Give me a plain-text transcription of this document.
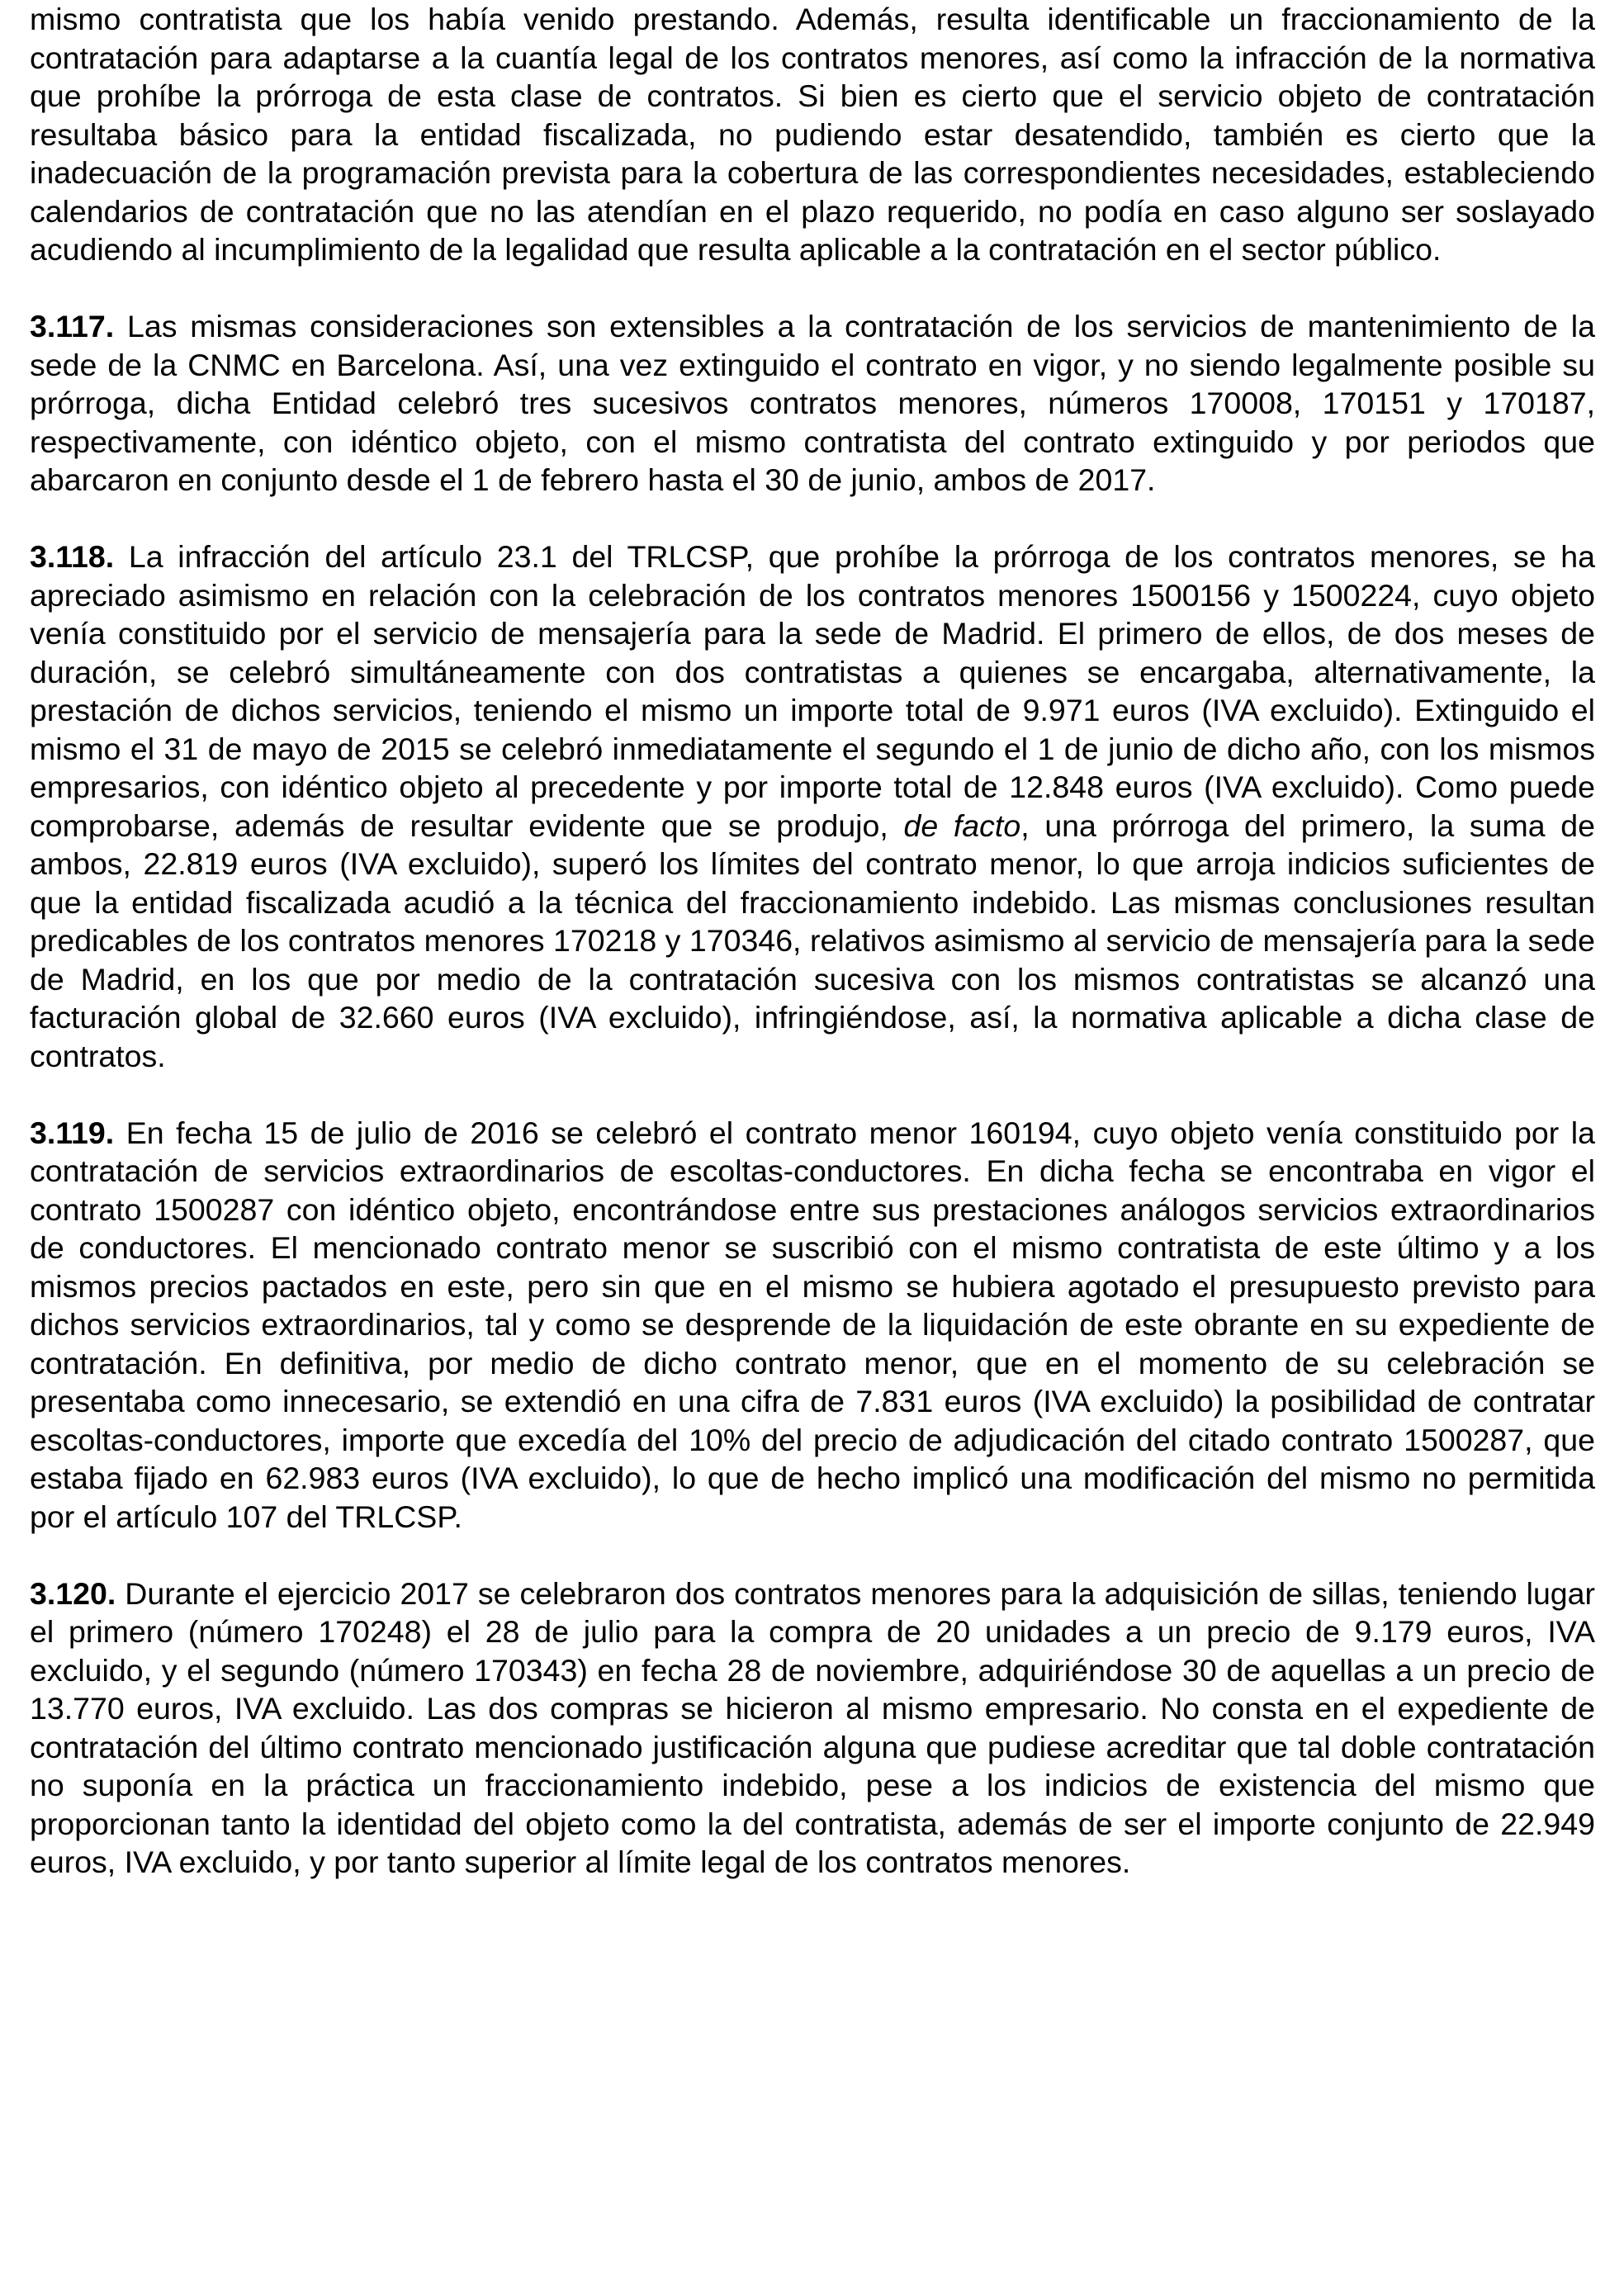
mismo contratista que los había venido prestando. Además, resulta identificable un fraccionamiento de la contratación para adaptarse a la cuantía legal de los contratos menores, así como la infracción de la normativa que prohíbe la prórroga de esta clase de contratos. Si bien es cierto que el servicio objeto de contratación resultaba básico para la entidad fiscalizada, no pudiendo estar desatendido, también es cierto que la inadecuación de la programación prevista para la cobertura de las correspondientes necesidades, estableciendo calendarios de contratación que no las atendían en el plazo requerido, no podía en caso alguno ser soslayado acudiendo al incumplimiento de la legalidad que resulta aplicable a la contratación en el sector público.

3.117. Las mismas consideraciones son extensibles a la contratación de los servicios de mantenimiento de la sede de la CNMC en Barcelona. Así, una vez extinguido el contrato en vigor, y no siendo legalmente posible su prórroga, dicha Entidad celebró tres sucesivos contratos menores, números 170008, 170151 y 170187, respectivamente, con idéntico objeto, con el mismo contratista del contrato extinguido y por periodos que abarcaron en conjunto desde el 1 de febrero hasta el 30 de junio, ambos de 2017.

3.118. La infracción del artículo 23.1 del TRLCSP, que prohíbe la prórroga de los contratos menores, se ha apreciado asimismo en relación con la celebración de los contratos menores 1500156 y 1500224, cuyo objeto venía constituido por el servicio de mensajería para la sede de Madrid. El primero de ellos, de dos meses de duración, se celebró simultáneamente con dos contratistas a quienes se encargaba, alternativamente, la prestación de dichos servicios, teniendo el mismo un importe total de 9.971 euros (IVA excluido). Extinguido el mismo el 31 de mayo de 2015 se celebró inmediatamente el segundo el 1 de junio de dicho año, con los mismos empresarios, con idéntico objeto al precedente y por importe total de 12.848 euros (IVA excluido). Como puede comprobarse, además de resultar evidente que se produjo, de facto, una prórroga del primero, la suma de ambos, 22.819 euros (IVA excluido), superó los límites del contrato menor, lo que arroja indicios suficientes de que la entidad fiscalizada acudió a la técnica del fraccionamiento indebido. Las mismas conclusiones resultan predicables de los contratos menores 170218 y 170346, relativos asimismo al servicio de mensajería para la sede de Madrid, en los que por medio de la contratación sucesiva con los mismos contratistas se alcanzó una facturación global de 32.660 euros (IVA excluido), infringiéndose, así, la normativa aplicable a dicha clase de contratos.

3.119. En fecha 15 de julio de 2016 se celebró el contrato menor 160194, cuyo objeto venía constituido por la contratación de servicios extraordinarios de escoltas-conductores. En dicha fecha se encontraba en vigor el contrato 1500287 con idéntico objeto, encontrándose entre sus prestaciones análogos servicios extraordinarios de conductores. El mencionado contrato menor se suscribió con el mismo contratista de este último y a los mismos precios pactados en este, pero sin que en el mismo se hubiera agotado el presupuesto previsto para dichos servicios extraordinarios, tal y como se desprende de la liquidación de este obrante en su expediente de contratación. En definitiva, por medio de dicho contrato menor, que en el momento de su celebración se presentaba como innecesario, se extendió en una cifra de 7.831 euros (IVA excluido) la posibilidad de contratar escoltas-conductores, importe que excedía del 10% del precio de adjudicación del citado contrato 1500287, que estaba fijado en 62.983 euros (IVA excluido), lo que de hecho implicó una modificación del mismo no permitida por el artículo 107 del TRLCSP.

3.120. Durante el ejercicio 2017 se celebraron dos contratos menores para la adquisición de sillas, teniendo lugar el primero (número 170248) el 28 de julio para la compra de 20 unidades a un precio de 9.179 euros, IVA excluido, y el segundo (número 170343) en fecha 28 de noviembre, adquiriéndose 30 de aquellas a un precio de 13.770 euros, IVA excluido. Las dos compras se hicieron al mismo empresario. No consta en el expediente de contratación del último contrato mencionado justificación alguna que pudiese acreditar que tal doble contratación no suponía en la práctica un fraccionamiento indebido, pese a los indicios de existencia del mismo que proporcionan tanto la identidad del objeto como la del contratista, además de ser el importe conjunto de 22.949 euros, IVA excluido, y por tanto superior al límite legal de los contratos menores.
